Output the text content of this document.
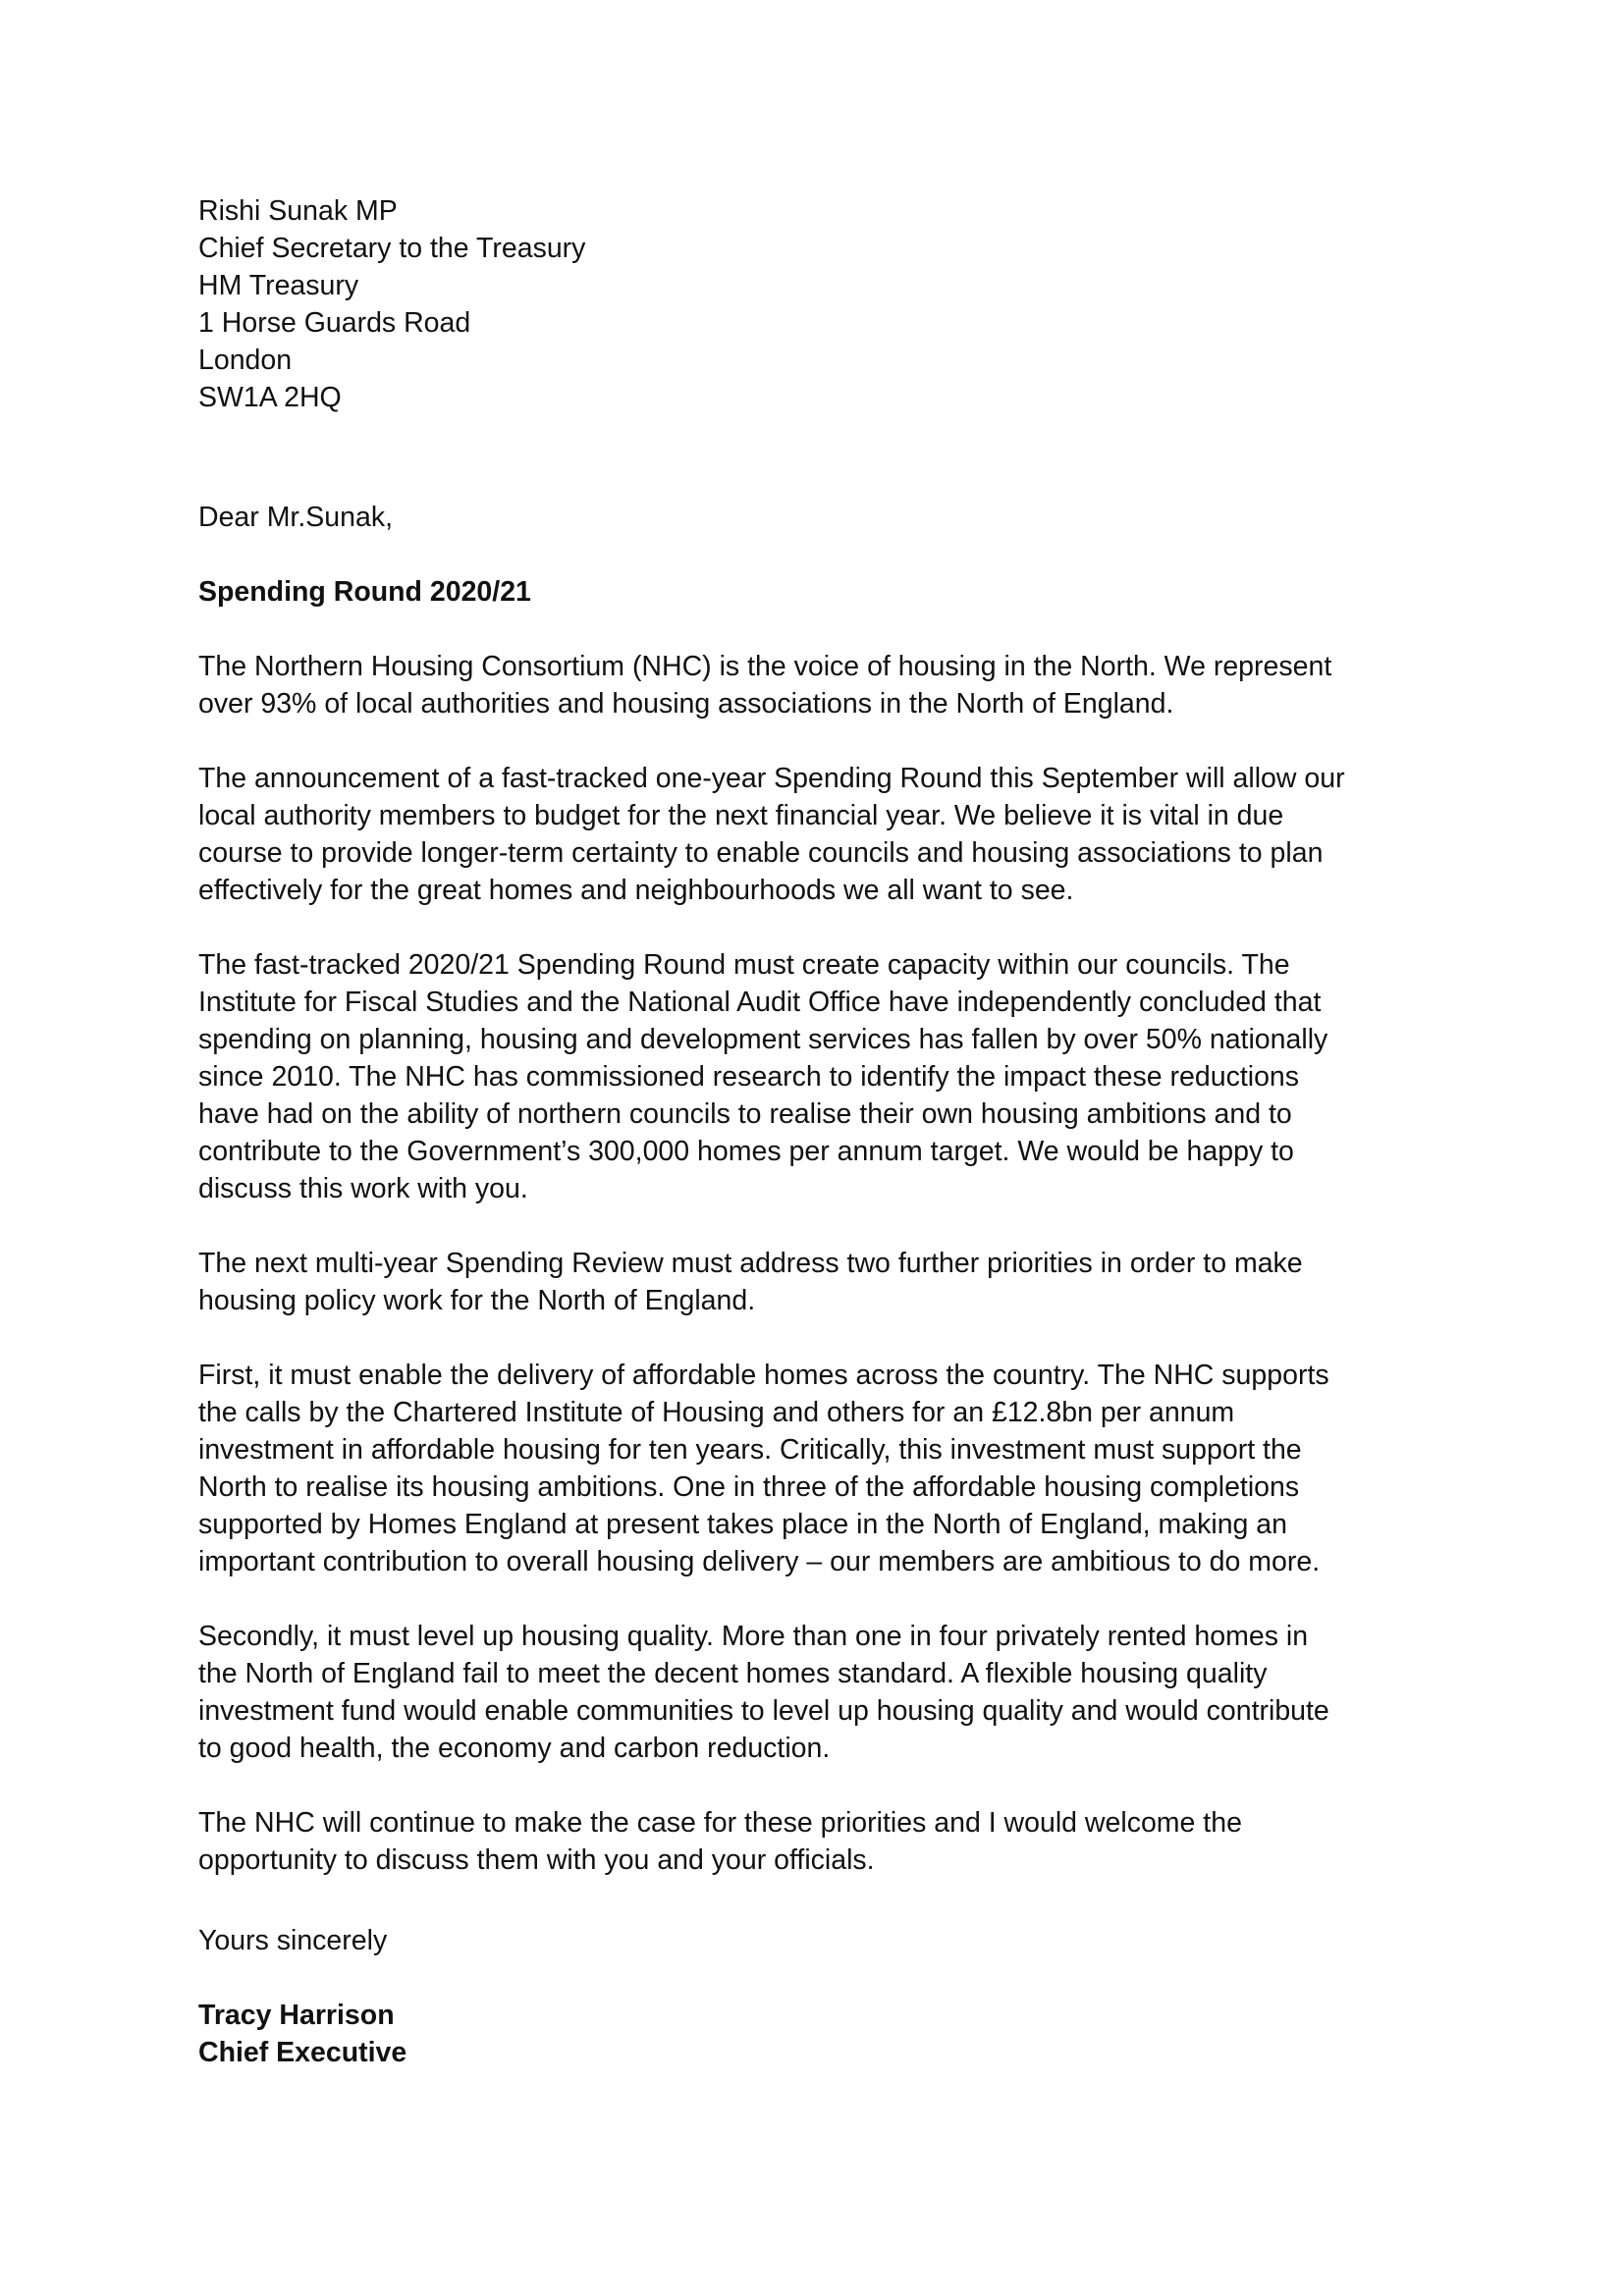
Rishi Sunak MP

Chief Secretary to the Treasury

HM Treasury

1 Horse Guards Road

London

SW1A 2HQ

Dear Mr.Sunak,

Spending Round 2020/21

The Northern Housing Consortium (NHC) is the voice of housing in the North. We represent
over 93% of local authorities and housing associations in the North of England.

The announcement of a fast-tracked one-year Spending Round this September will allow our
local authority members to budget for the next financial year. We believe it is vital in due
course to provide longer-term certainty to enable councils and housing associations to plan
effectively for the great homes and neighbourhoods we all want to see.

The fast-tracked 2020/21 Spending Round must create capacity within our councils. The
Institute for Fiscal Studies and the National Audit Office have independently concluded that
spending on planning, housing and development services has fallen by over 50% nationally
since 2010. The NHC has commissioned research to identify the impact these reductions
have had on the ability of northern councils to realise their own housing ambitions and to
contribute to the Government’s 300,000 homes per annum target. We would be happy to
discuss this work with you.

The next multi-year Spending Review must address two further priorities in order to make
housing policy work for the North of England.

First, it must enable the delivery of affordable homes across the country. The NHC supports
the calls by the Chartered Institute of Housing and others for an £12.8bn per annum
investment in affordable housing for ten years. Critically, this investment must support the
North to realise its housing ambitions. One in three of the affordable housing completions
supported by Homes England at present takes place in the North of England, making an
important contribution to overall housing delivery – our members are ambitious to do more.

Secondly, it must level up housing quality. More than one in four privately rented homes in
the North of England fail to meet the decent homes standard. A flexible housing quality
investment fund would enable communities to level up housing quality and would contribute
to good health, the economy and carbon reduction.

The NHC will continue to make the case for these priorities and I would welcome the
opportunity to discuss them with you and your officials.

Yours sincerely

Tracy Harrison

Chief Executive
